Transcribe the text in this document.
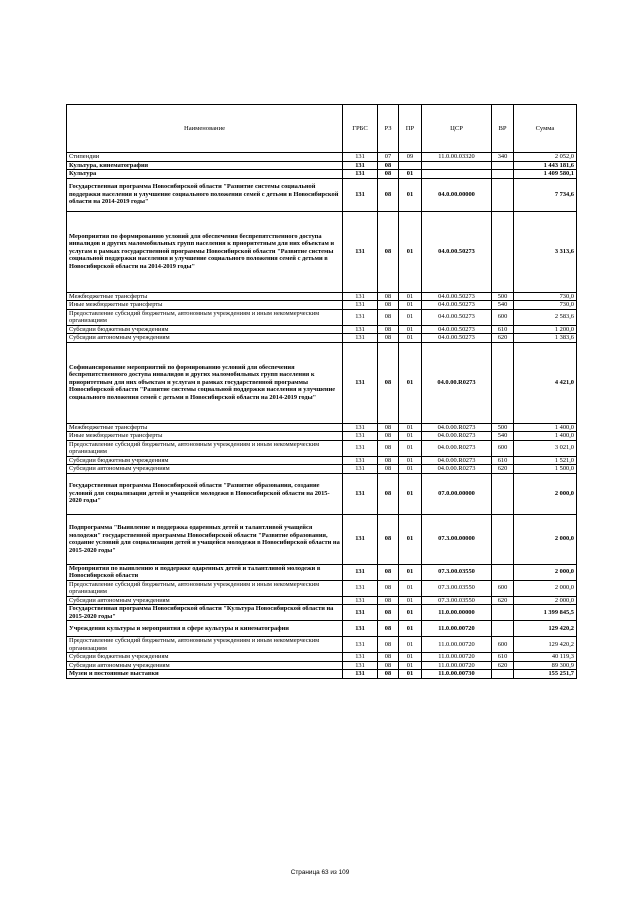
Наименование	ГРБС	РЗ	ПР	ЦСР	ВР	Сумма
Стипендии	131	07	09	11.0.00.03320	340	2 052,0
Культура, кинематография	131	08				1 443 181,6
Культура	131	08	01			1 409 580,1
Государственная программа Новосибирской области "Развитие системы социальной поддержки населения и улучшение социального положения семей с детьми в Новосибирской области на 2014-2019 годы"	131	08	01	04.0.00.00000		7 734,6
Мероприятия по формированию условий для обеспечения беспрепятственного доступа инвалидов и других маломобильных групп населения к приоритетным для них объектам и услугам в рамках государственной программы Новосибирской области "Развитие системы социальной поддержки населения и улучшение социального положения семей с детьми в Новосибирской области на 2014-2019 годы"	131	08	01	04.0.00.50273		3 313,6
Межбюджетные трансферты	131	08	01	04.0.00.50273	500	730,0
Иные межбюджетные трансферты	131	08	01	04.0.00.50273	540	730,0
Предоставление субсидий бюджетным, автономным учреждениям и иным некоммерческим организациям	131	08	01	04.0.00.50273	600	2 583,6
Субсидии бюджетным учреждениям	131	08	01	04.0.00.50273	610	1 200,0
Субсидии автономным учреждениям	131	08	01	04.0.00.50273	620	1 383,6
Софинансирование мероприятий по формированию условий для обеспечения беспрепятственного доступа инвалидов и других маломобильных групп населения к приоритетным для них объектам и услугам в рамках государственной программы Новосибирской области "Развитие системы социальной поддержки населения и улучшение социального положения семей с детьми в Новосибирской области на 2014-2019 годы"	131	08	01	04.0.00.R0273		4 421,0
Межбюджетные трансферты	131	08	01	04.0.00.R0273	500	1 400,0
Иные межбюджетные трансферты	131	08	01	04.0.00.R0273	540	1 400,0
Предоставление субсидий бюджетным, автономным учреждениям и иным некоммерческим организациям	131	08	01	04.0.00.R0273	600	3 021,0
Субсидии бюджетным учреждениям	131	08	01	04.0.00.R0273	610	1 521,0
Субсидии автономным учреждениям	131	08	01	04.0.00.R0273	620	1 500,0
Государственная программа Новосибирской области "Развитие образования, создание условий для социализации детей и учащейся молодежи в Новосибирской области на 2015-2020 годы"	131	08	01	07.0.00.00000		2 000,0
Подпрограмма "Выявление и поддержка одаренных детей и талантливой учащейся молодежи" государственной программы Новосибирской области "Развитие образования, создание условий для социализации детей и учащейся молодежи в Новосибирской области на 2015-2020 годы"	131	08	01	07.3.00.00000		2 000,0
Мероприятия по выявлению и поддержке одаренных детей и талантливой молодежи в Новосибирской области	131	08	01	07.3.00.03550		2 000,0
Предоставление субсидий бюджетным, автономным учреждениям и иным некоммерческим организациям	131	08	01	07.3.00.03550	600	2 000,0
Субсидии автономным учреждениям	131	08	01	07.3.00.03550	620	2 000,0
Государственная программа Новосибирской области "Культура Новосибирской области на 2015-2020 годы"	131	08	01	11.0.00.00000		1 399 845,5
Учреждения культуры и мероприятия в сфере культуры и кинематографии	131	08	01	11.0.00.00720		129 420,2
Предоставление субсидий бюджетным, автономным учреждениям и иным некоммерческим организациям	131	08	01	11.0.00.00720	600	129 420,2
Субсидии бюджетным учреждениям	131	08	01	11.0.00.00720	610	40 119,3
Субсидии автономным учреждениям	131	08	01	11.0.00.00720	620	89 300,9
Музеи и постоянные выставки	131	08	01	11.0.00.00730		155 251,7
Страница 63 из 109
